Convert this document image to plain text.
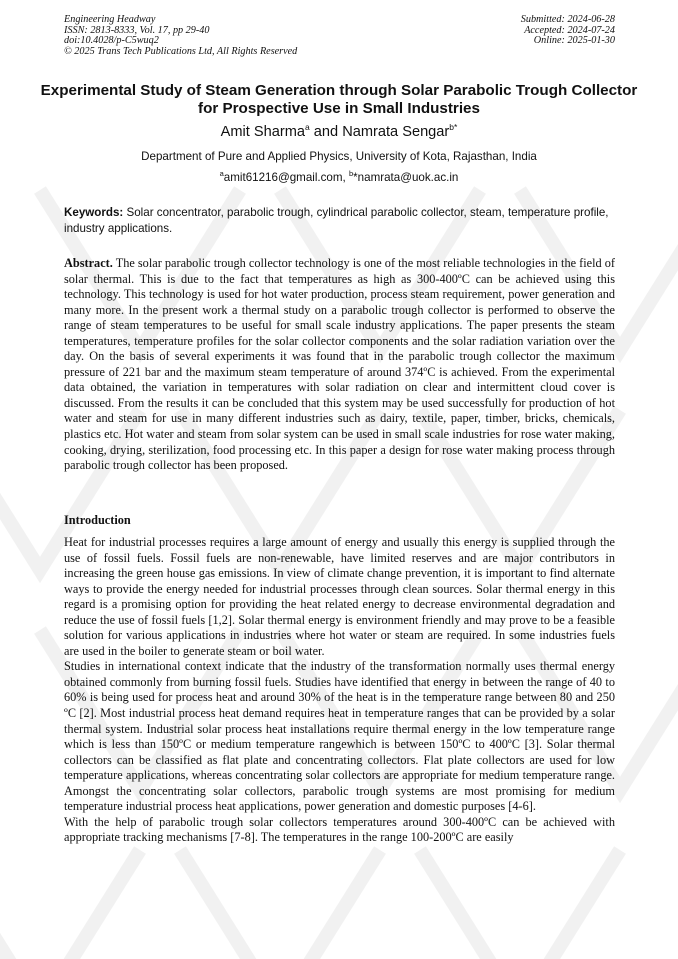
Engineering Headway
ISSN: 2813-8333, Vol. 17, pp 29-40
doi:10.4028/p-C5wuq2
© 2025 Trans Tech Publications Ltd, All Rights Reserved
Submitted: 2024-06-28
Accepted: 2024-07-24
Online: 2025-01-30
Experimental Study of Steam Generation through Solar Parabolic Trough Collector for Prospective Use in Small Industries
Amit Sharma$^a$ and Namrata Sengar$^{b*}$
Department of Pure and Applied Physics, University of Kota, Rajasthan, India
$^a$amit61216@gmail.com, $^b$*namrata@uok.ac.in
Keywords: Solar concentrator, parabolic trough, cylindrical parabolic collector, steam, temperature profile, industry applications.
Abstract. The solar parabolic trough collector technology is one of the most reliable technologies in the field of solar thermal. This is due to the fact that temperatures as high as 300-400ºC can be achieved using this technology. This technology is used for hot water production, process steam requirement, power generation and many more. In the present work a thermal study on a parabolic trough collector is performed to observe the range of steam temperatures to be useful for small scale industry applications. The paper presents the steam temperatures, temperature profiles for the solar collector components and the solar radiation variation over the day. On the basis of several experiments it was found that in the parabolic trough collector the maximum pressure of 221 bar and the maximum steam temperature of around 374ºC is achieved. From the experimental data obtained, the variation in temperatures with solar radiation on clear and intermittent cloud cover is discussed. From the results it can be concluded that this system may be used successfully for production of hot water and steam for use in many different industries such as dairy, textile, paper, timber, bricks, chemicals, plastics etc. Hot water and steam from solar system can be used in small scale industries for rose water making, cooking, drying, sterilization, food processing etc. In this paper a design for rose water making process through parabolic trough collector has been proposed.
Introduction

Heat for industrial processes requires a large amount of energy and usually this energy is supplied through the use of fossil fuels. Fossil fuels are non-renewable, have limited reserves and are major contributors in increasing the green house gas emissions. In view of climate change prevention, it is important to find alternate ways to provide the energy needed for industrial processes through clean sources. Solar thermal energy in this regard is a promising option for providing the heat related energy to decrease environmental degradation and reduce the use of fossil fuels [1,2]. Solar thermal energy is environment friendly and may prove to be a feasible solution for various applications in industries where hot water or steam are required. In some industries fuels are used in the boiler to generate steam or boil water.

Studies in international context indicate that the industry of the transformation normally uses thermal energy obtained commonly from burning fossil fuels. Studies have identified that energy in between the range of 40 to 60% is being used for process heat and around 30% of the heat is in the temperature range between 80 and 250 ºC [2]. Most industrial process heat demand requires heat in temperature ranges that can be provided by a solar thermal system. Industrial solar process heat installations require thermal energy in the low temperature range which is less than 150ºC or medium temperature rangewhich is between 150ºC to 400ºC [3]. Solar thermal collectors can be classified as flat plate and concentrating collectors. Flat plate collectors are used for low temperature applications, whereas concentrating solar collectors are appropriate for medium temperature range. Amongst the concentrating solar collectors, parabolic trough systems are most promising for medium temperature industrial process heat applications, power generation and domestic purposes [4-6].

With the help of parabolic trough solar collectors temperatures around 300-400ºC can be achieved with appropriate tracking mechanisms [7-8]. The temperatures in the range 100-200ºC are easily
